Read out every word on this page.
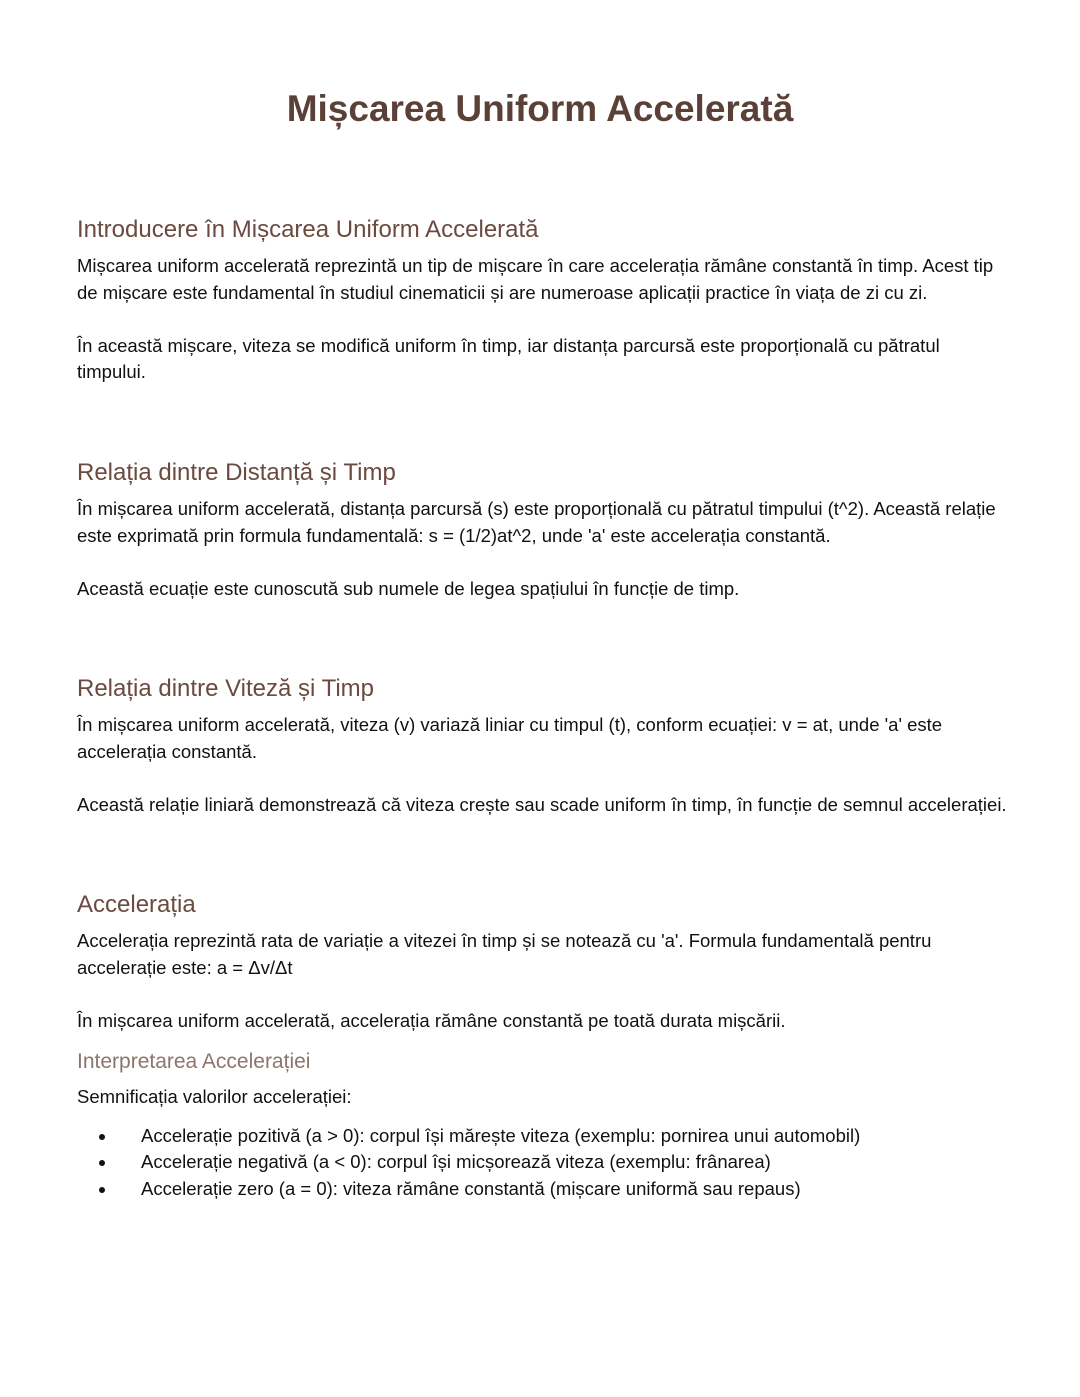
Mișcarea Uniform Accelerată
Introducere în Mișcarea Uniform Accelerată

Mișcarea uniform accelerată reprezintă un tip de mișcare în care accelerația rămâne constantă în timp. Acest tip de mișcare este fundamental în studiul cinematicii și are numeroase aplicații practice în viața de zi cu zi.

În această mișcare, viteza se modifică uniform în timp, iar distanța parcursă este proporțională cu pătratul timpului.

Relația dintre Distanță și Timp

În mișcarea uniform accelerată, distanța parcursă (s) este proporțională cu pătratul timpului (t^2). Această relație este exprimată prin formula fundamentală: s = (1/2)at^2, unde 'a' este accelerația constantă.

Această ecuație este cunoscută sub numele de legea spațiului în funcție de timp.

Relația dintre Viteză și Timp

În mișcarea uniform accelerată, viteza (v) variază liniar cu timpul (t), conform ecuației: v = at, unde 'a' este accelerația constantă.

Această relație liniară demonstrează că viteza crește sau scade uniform în timp, în funcție de semnul accelerației.

Accelerația

Accelerația reprezintă rata de variație a vitezei în timp și se notează cu 'a'. Formula fundamentală pentru accelerație este: a = Δv/Δt

În mișcarea uniform accelerată, accelerația rămâne constantă pe toată durata mișcării.

Interpretarea Accelerației

Semnificația valorilor accelerației:

• Accelerație pozitivă (a > 0): corpul își mărește viteza (exemplu: pornirea unui automobil)
• Accelerație negativă (a < 0): corpul își micșorează viteza (exemplu: frânarea)
• Accelerație zero (a = 0): viteza rămâne constantă (mișcare uniformă sau repaus)
